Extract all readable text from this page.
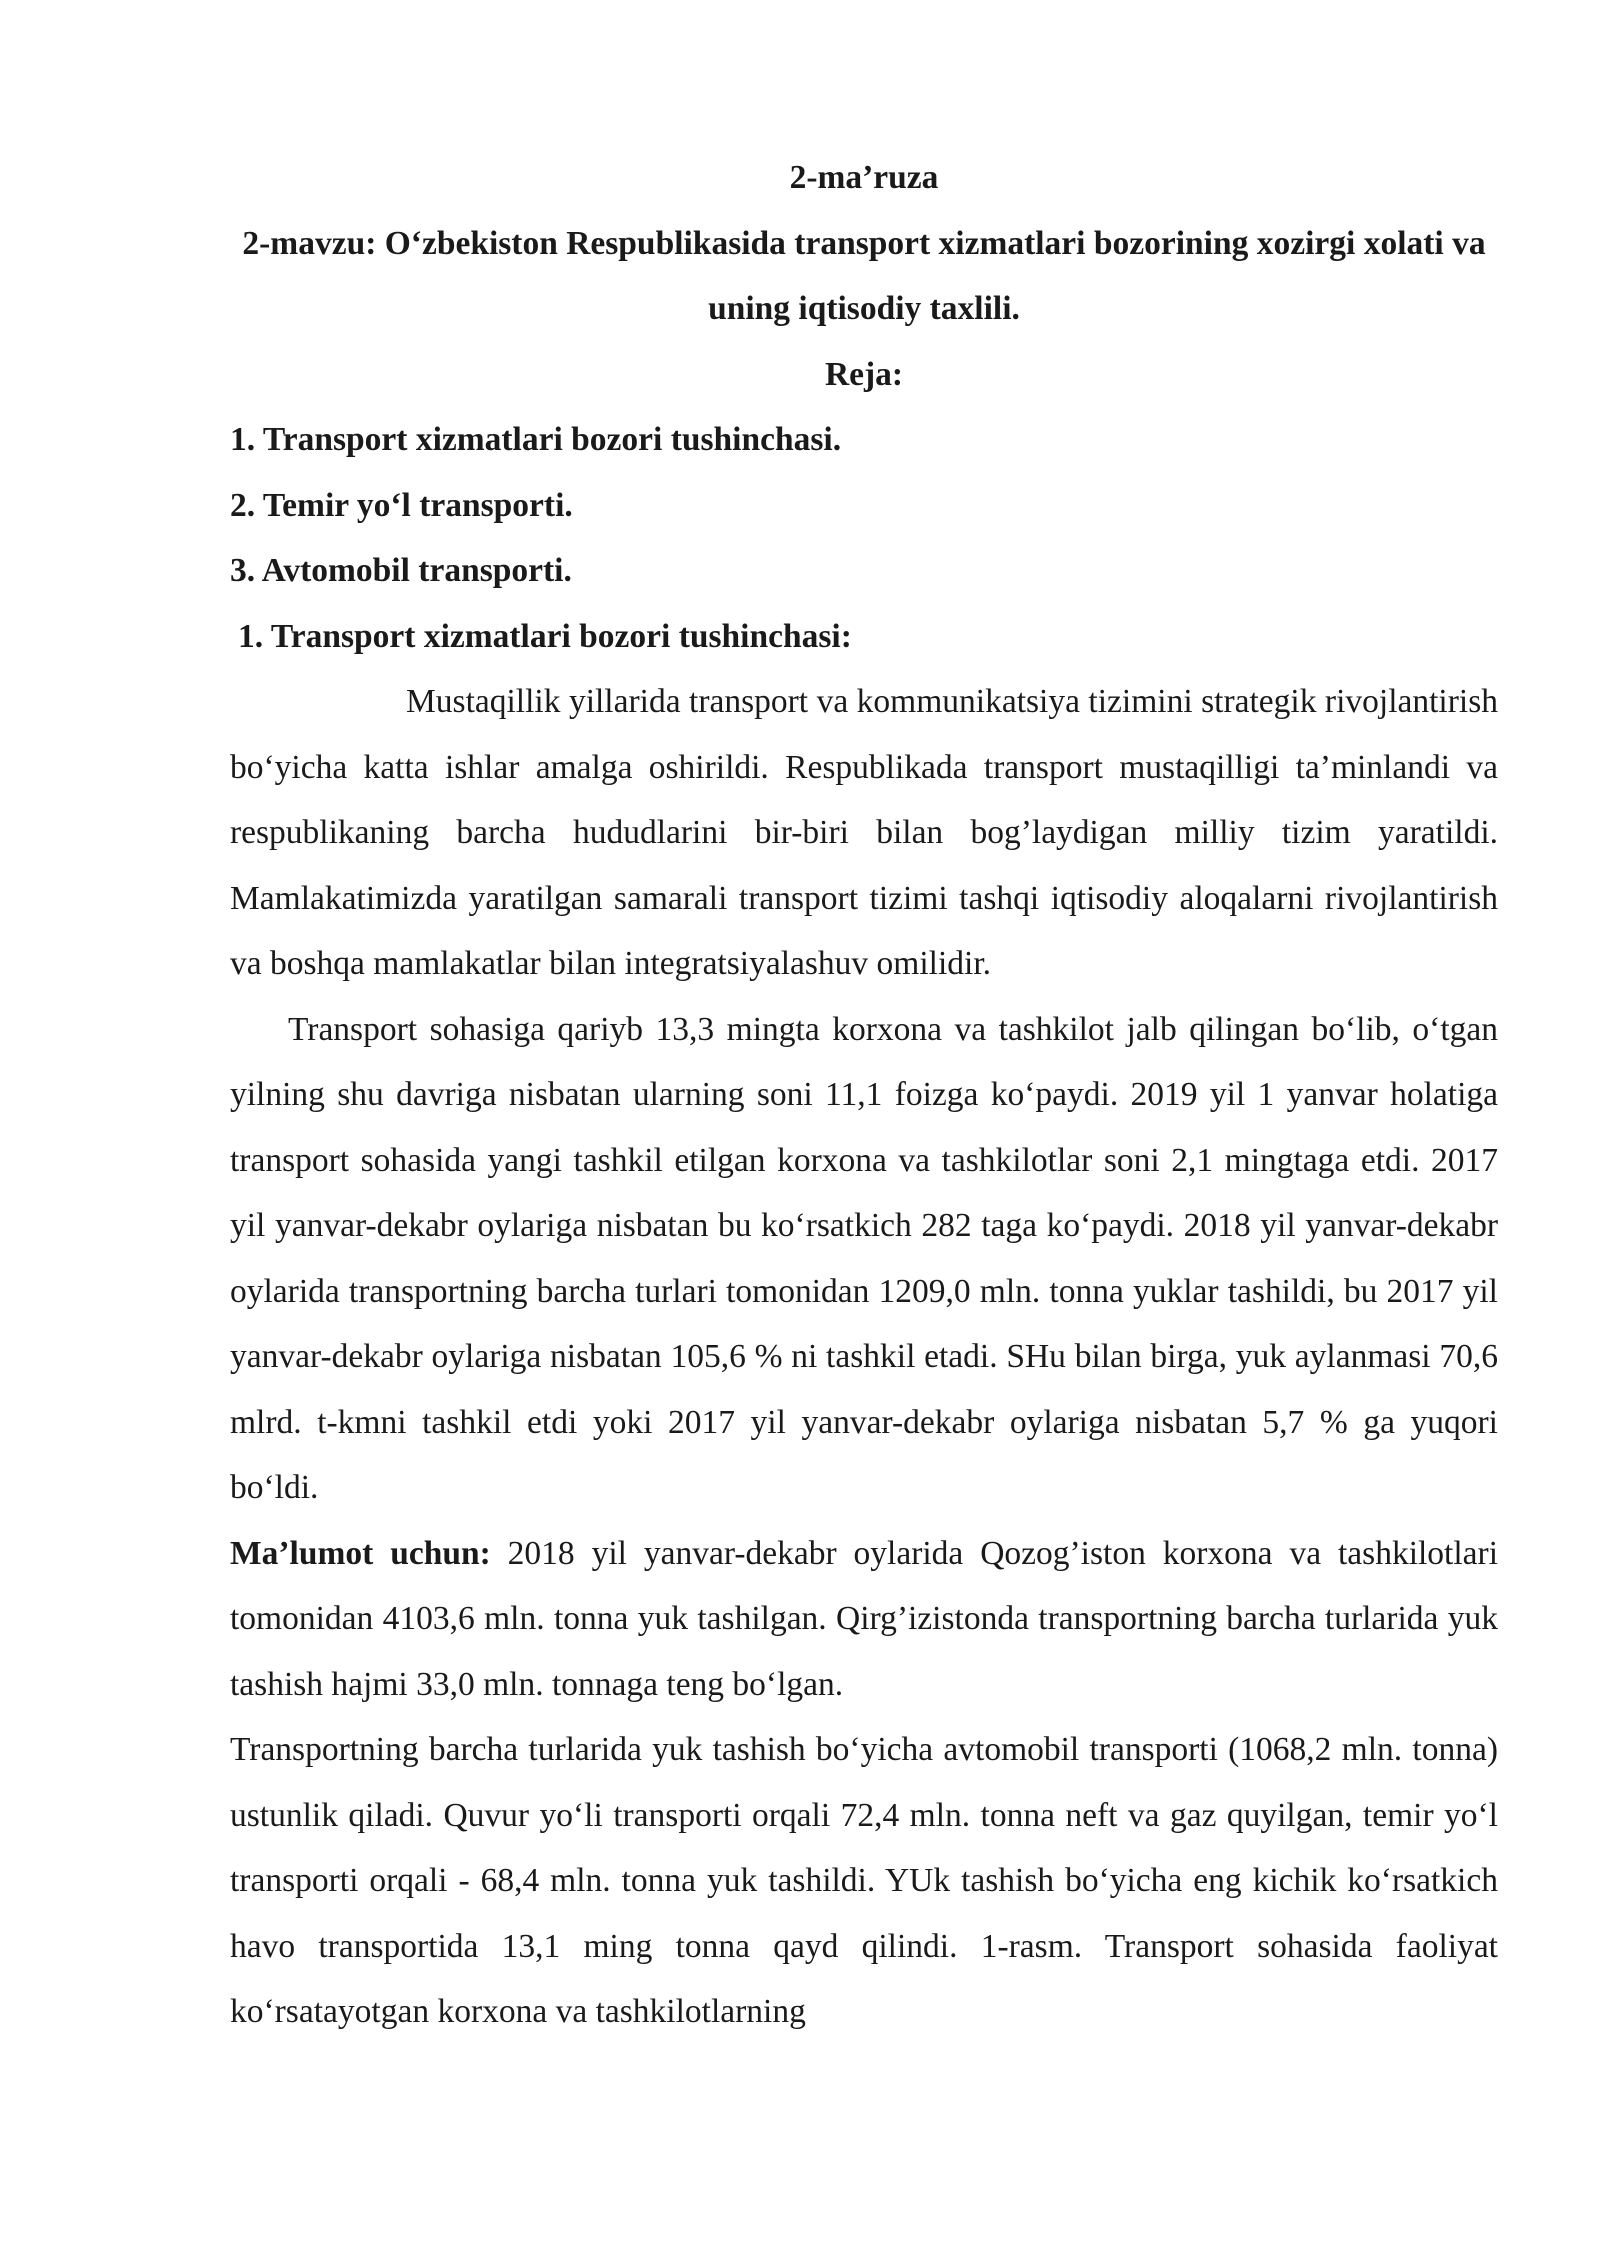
2-ma’ruza
2-mavzu: O‘zbekiston Respublikasida transport xizmatlari bozorining xozirgi xolati va uning iqtisodiy taxlili.
Reja:
1. Transport xizmatlari bozori tushinchasi.
2. Temir yo‘l transporti.
3. Avtomobil transporti.
1. Transport xizmatlari bozori tushinchasi:

Mustaqillik yillarida transport va kommunikatsiya tizimini strategik rivojlantirish bo‘yicha katta ishlar amalga oshirildi. Respublikada transport mustaqilligi ta’minlandi va respublikaning barcha hududlarini bir-biri bilan bog’laydigan milliy tizim yaratildi. Mamlakatimizda yaratilgan samarali transport tizimi tashqi iqtisodiy aloqalarni rivojlantirish va boshqa mamlakatlar bilan integratsiyalashuv omilidir.

Transport sohasiga qariyb 13,3 mingta korxona va tashkilot jalb qilingan bo‘lib, o‘tgan yilning shu davriga nisbatan ularning soni 11,1 foizga ko‘paydi. 2019 yil 1 yanvar holatiga transport sohasida yangi tashkil etilgan korxona va tashkilotlar soni 2,1 mingtaga etdi. 2017 yil yanvar-dekabr oylariga nisbatan bu ko‘rsatkich 282 taga ko‘paydi. 2018 yil yanvar-dekabr oylarida transportning barcha turlari tomonidan 1209,0 mln. tonna yuklar tashildi, bu 2017 yil yanvar-dekabr oylariga nisbatan 105,6 % ni tashkil etadi. SHu bilan birga, yuk aylanmasi 70,6 mlrd. t-kmni tashkil etdi yoki 2017 yil yanvar-dekabr oylariga nisbatan 5,7 % ga yuqori bo‘ldi.

Ma’lumot uchun: 2018 yil yanvar-dekabr oylarida Qozog’iston korxona va tashkilotlari tomonidan 4103,6 mln. tonna yuk tashilgan. Qirg’izistonda transportning barcha turlarida yuk tashish hajmi 33,0 mln. tonnaga teng bo‘lgan.

Transportning barcha turlarida yuk tashish bo‘yicha avtomobil transporti (1068,2 mln. tonna) ustunlik qiladi. Quvur yo‘li transporti orqali 72,4 mln. tonna neft va gaz quyilgan, temir yo‘l transporti orqali - 68,4 mln. tonna yuk tashildi. YUk tashish bo‘yicha eng kichik ko‘rsatkich havo transportida 13,1 ming tonna qayd qilindi. 1-rasm. Transport sohasida faoliyat ko‘rsatayotgan korxona va tashkilotlarning
